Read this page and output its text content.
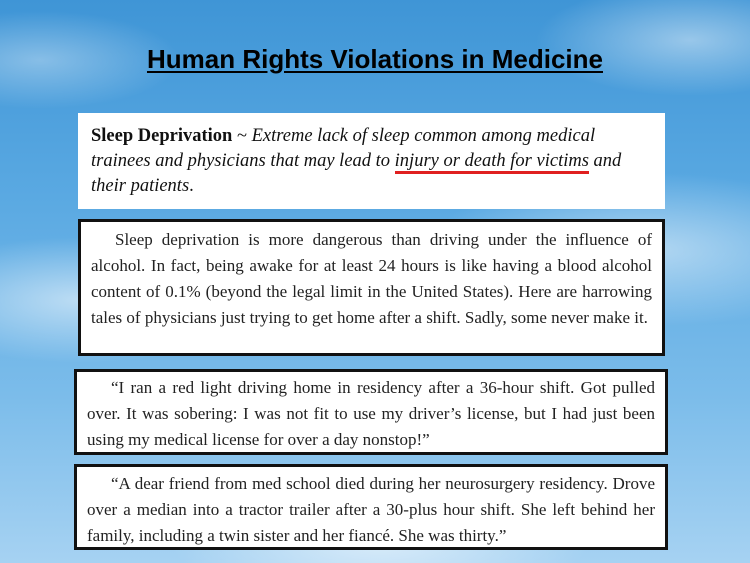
Human Rights Violations in Medicine
Sleep Deprivation ~ Extreme lack of sleep common among medical trainees and physicians that may lead to injury or death for victims and their patients.

Sleep deprivation is more dangerous than driving under the influence of alcohol. In fact, being awake for at least 24 hours is like having a blood alcohol content of 0.1% (beyond the legal limit in the United States). Here are harrowing tales of physicians just trying to get home after a shift. Sadly, some never make it.

“I ran a red light driving home in residency after a 36-hour shift. Got pulled over. It was sobering: I was not fit to use my driver’s license, but I had just been using my medical license for over a day nonstop!”

“A dear friend from med school died during her neurosurgery residency. Drove over a median into a tractor trailer after a 30-plus hour shift. She left behind her family, including a twin sister and her fiancé. She was thirty.”
